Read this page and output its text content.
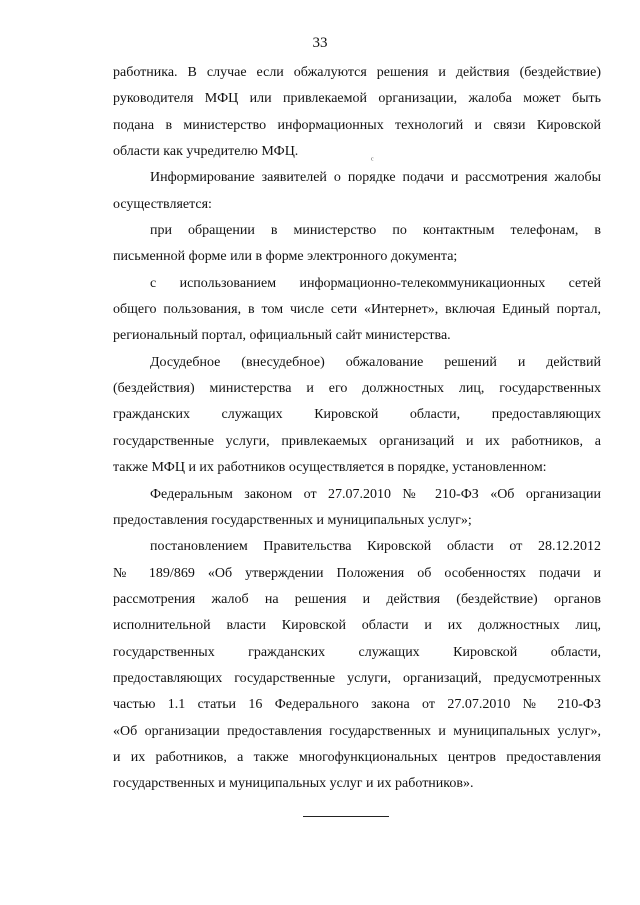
33
ᶜ
работника. В случае если обжалуются решения и действия (бездействие)
руководителя МФЦ или привлекаемой организации, жалоба может быть
подана в министерство информационных технологий и связи Кировской
области как учредителю МФЦ.
Информирование заявителей о порядке подачи и рассмотрения жалобы
осуществляется:
при обращении в министерство по контактным телефонам, в
письменной форме или в форме электронного документа;
с использованием информационно-телекоммуникационных сетей
общего пользования, в том числе сети «Интернет», включая Единый портал,
региональный портал, официальный сайт министерства.
Досудебное (внесудебное) обжалование решений и действий
(бездействия) министерства и его должностных лиц, государственных
гражданских служащих Кировской области, предоставляющих
государственные услуги, привлекаемых организаций и их работников, а
также МФЦ и их работников осуществляется в порядке, установленном:
Федеральным законом от 27.07.2010 № 210-ФЗ «Об организации
предоставления государственных и муниципальных услуг»;
постановлением Правительства Кировской области от 28.12.2012
№ 189/869 «Об утверждении Положения об особенностях подачи и
рассмотрения жалоб на решения и действия (бездействие) органов
исполнительной власти Кировской области и их должностных лиц,
государственных гражданских служащих Кировской области,
предоставляющих государственные услуги, организаций, предусмотренных
частью 1.1 статьи 16 Федерального закона от 27.07.2010 № 210-ФЗ
«Об организации предоставления государственных и муниципальных услуг»,
и их работников, а также многофункциональных центров предоставления
государственных и муниципальных услуг и их работников».
